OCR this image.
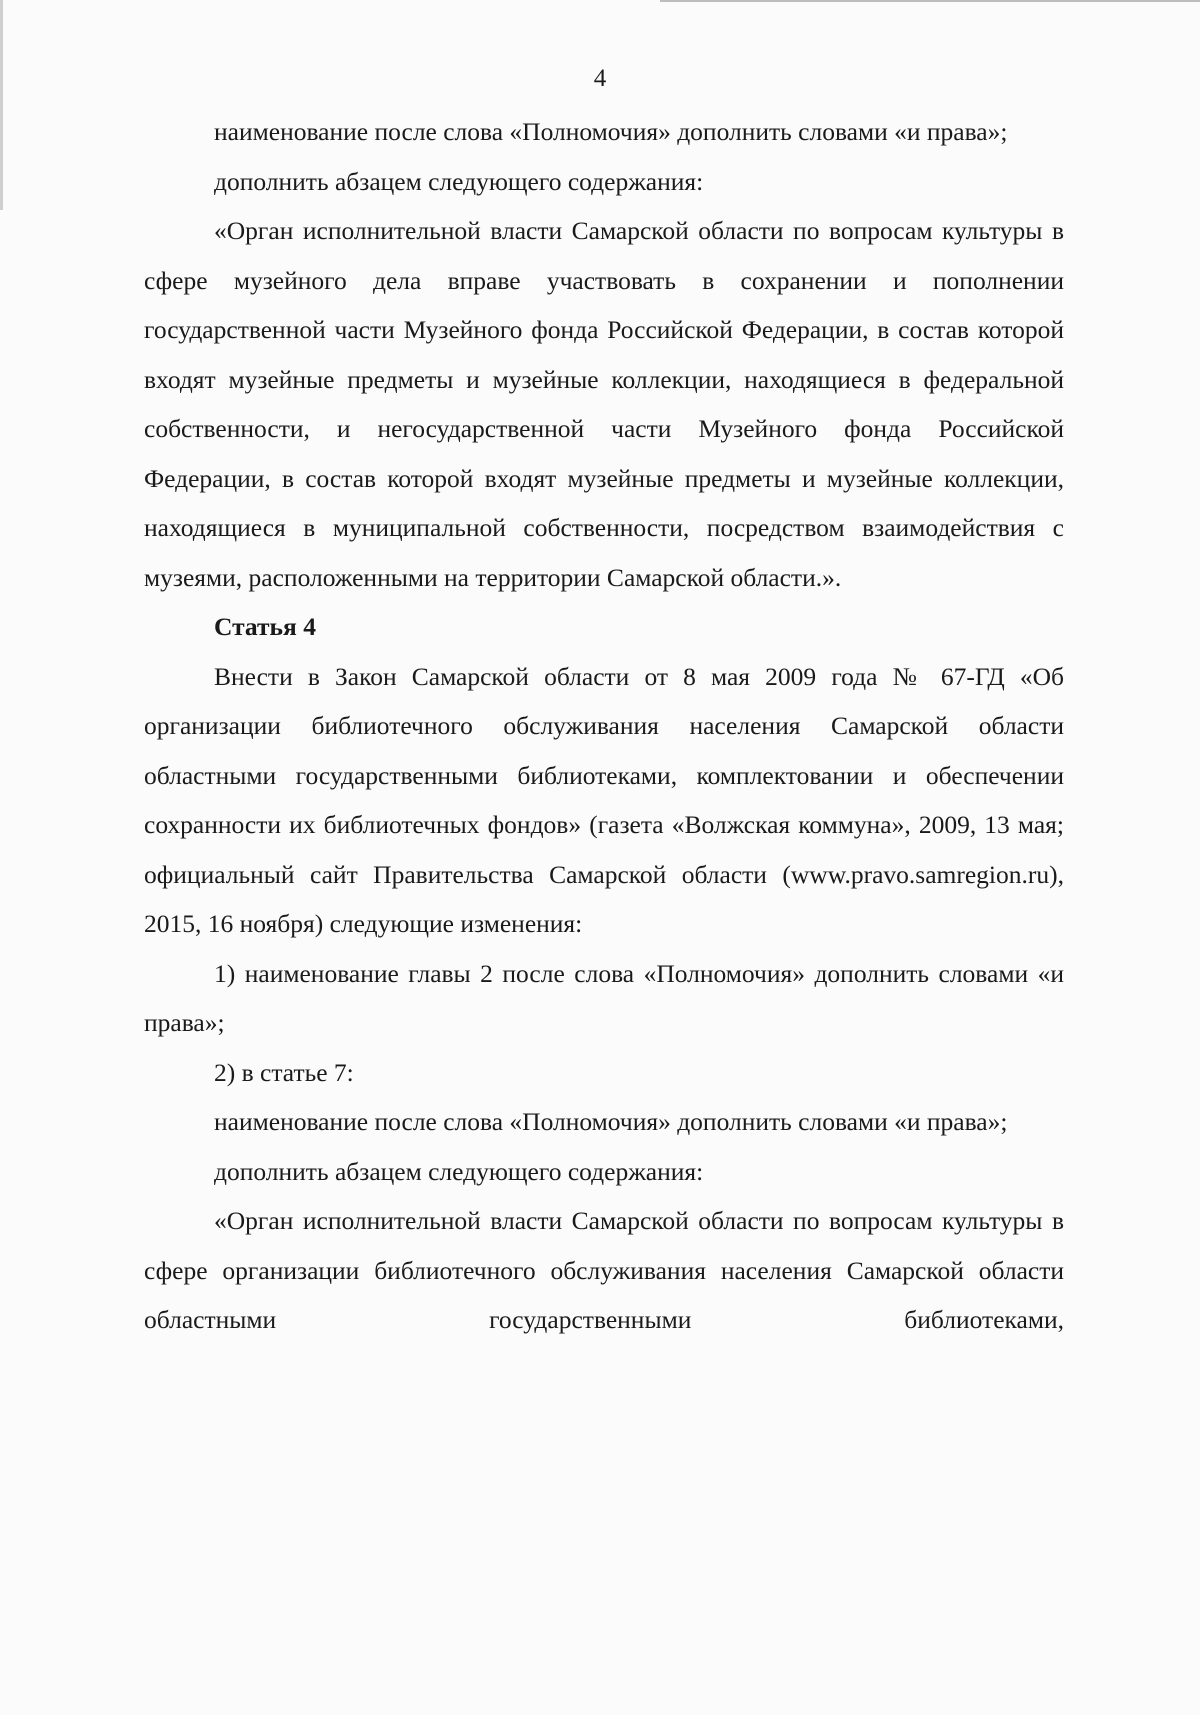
4

наименование после слова «Полномочия» дополнить словами «и права»;

дополнить абзацем следующего содержания:

«Орган исполнительной власти Самарской области по вопросам культуры в сфере музейного дела вправе участвовать в сохранении и пополнении государственной части Музейного фонда Российской Федерации, в состав которой входят музейные предметы и музейные коллекции, находящиеся в федеральной собственности, и негосударственной части Музейного фонда Российской Федерации, в состав которой входят музейные предметы и музейные коллекции, находящиеся в муниципальной собственности, посредством взаимодействия с музеями, расположенными на территории Самарской области.».

Статья 4

Внести в Закон Самарской области от 8 мая 2009 года № 67-ГД «Об организации библиотечного обслуживания населения Самарской области областными государственными библиотеками, комплектовании и обеспечении сохранности их библиотечных фондов» (газета «Волжская коммуна», 2009, 13 мая; официальный сайт Правительства Самарской области (www.pravo.samregion.ru), 2015, 16 ноября) следующие изменения:

1) наименование главы 2 после слова «Полномочия» дополнить словами «и права»;

2) в статье 7:

наименование после слова «Полномочия» дополнить словами «и права»;

дополнить абзацем следующего содержания:

«Орган исполнительной власти Самарской области по вопросам культуры в сфере организации библиотечного обслуживания населения Самарской области областными государственными библиотеками,
